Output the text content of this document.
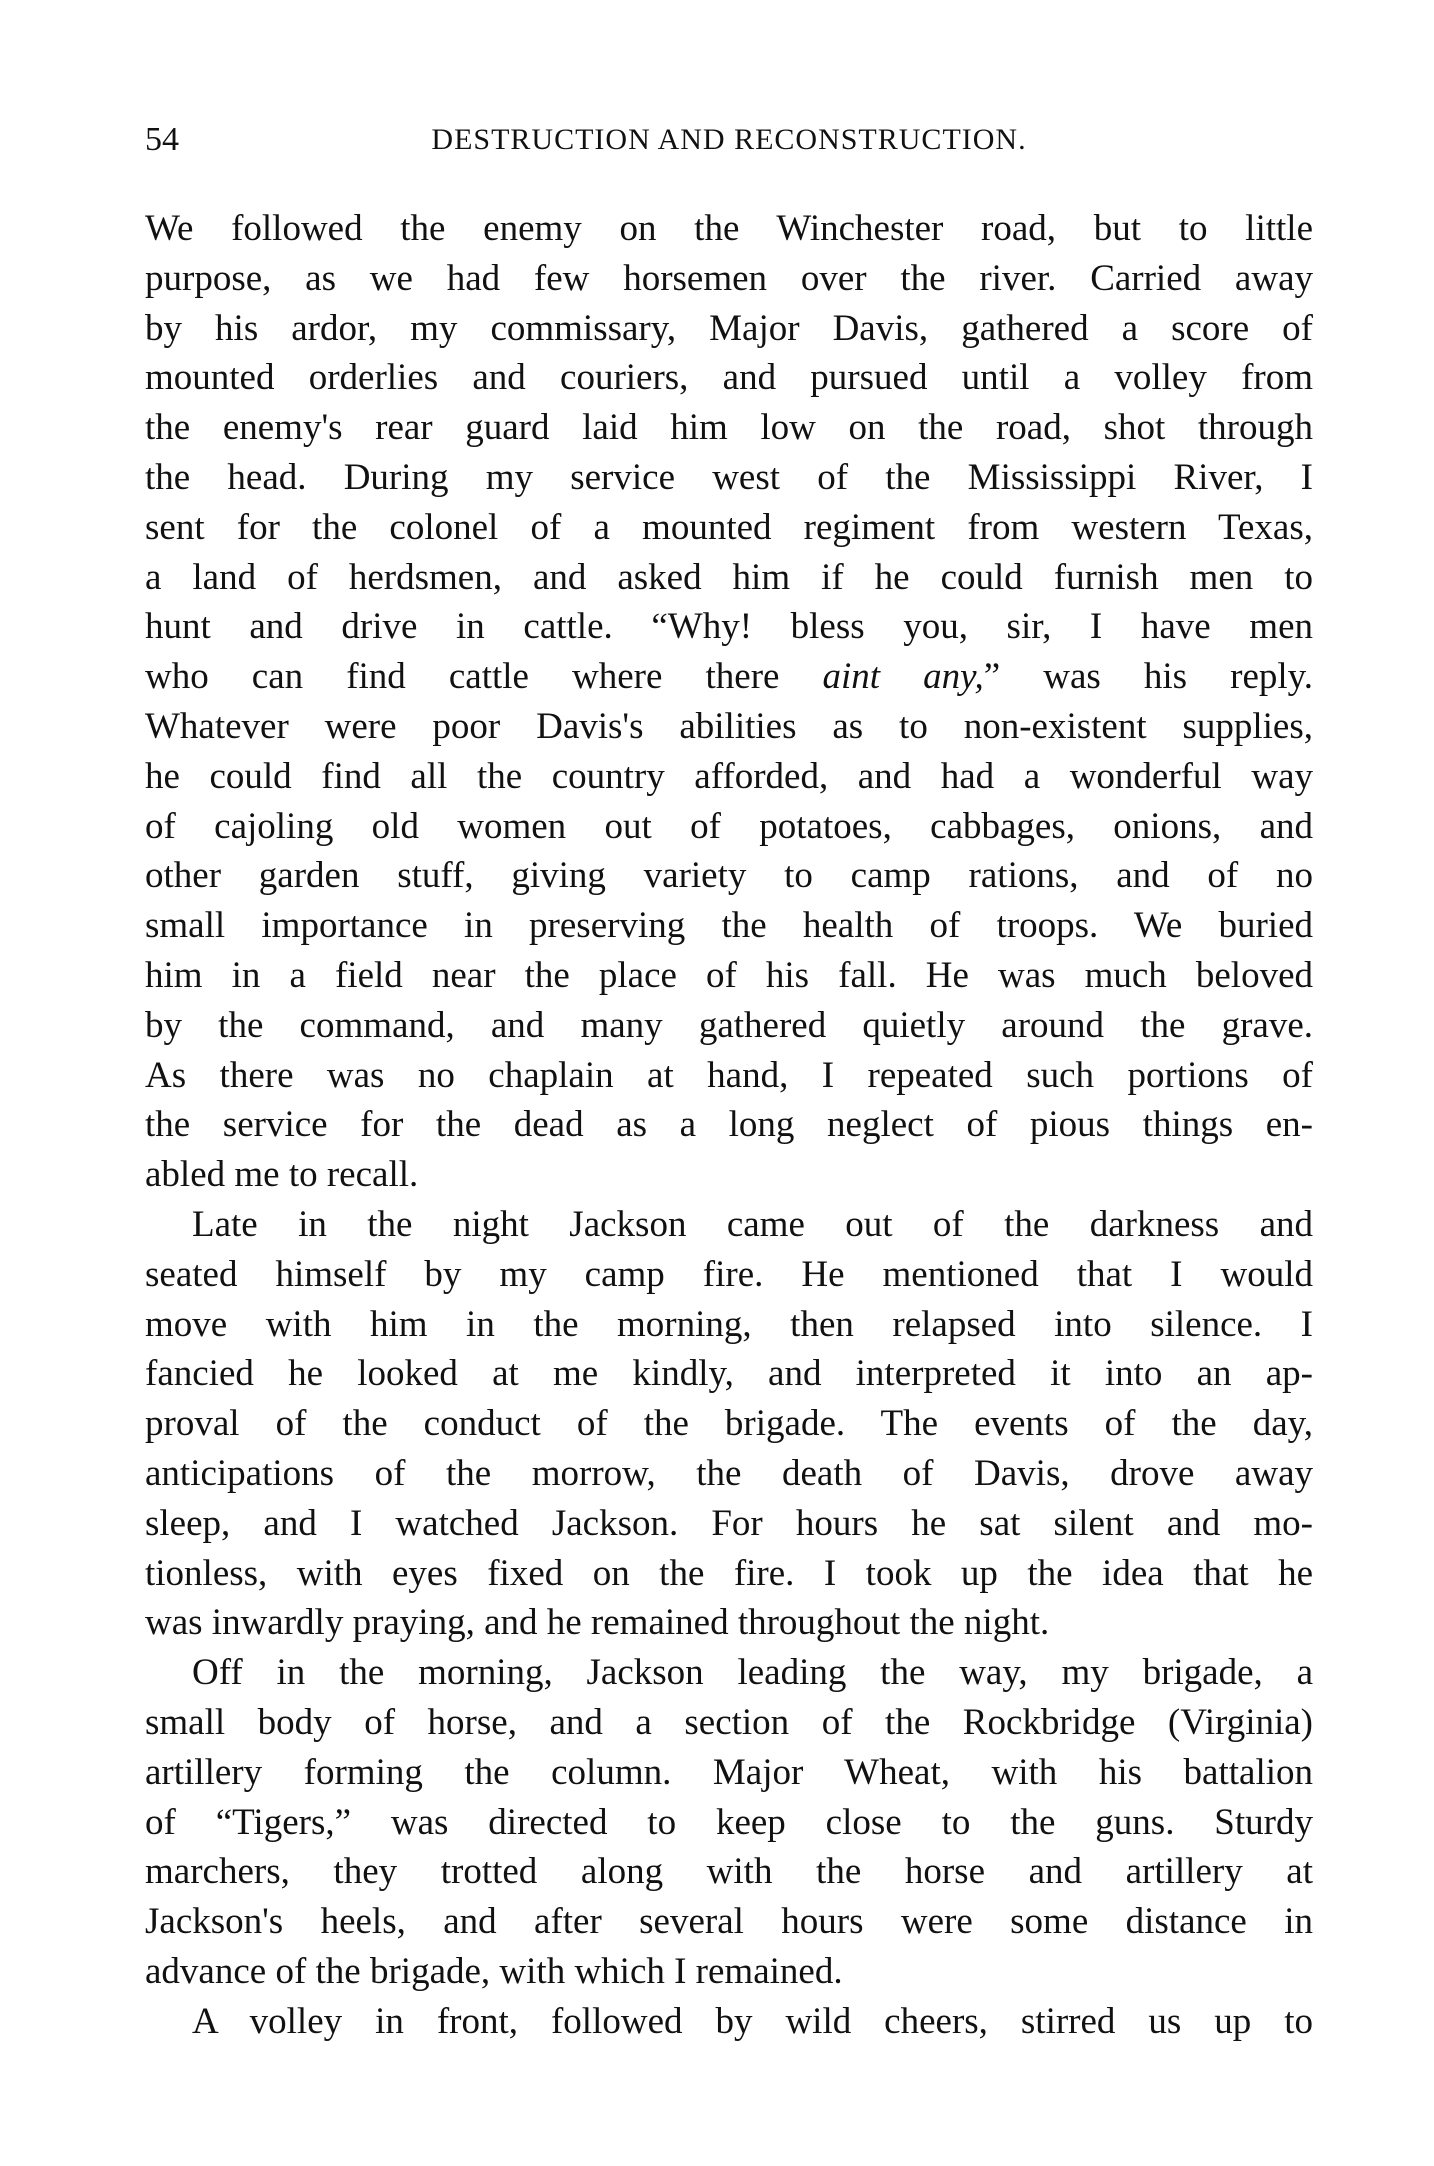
54	DESTRUCTION AND RECONSTRUCTION.
We followed the enemy on the Winchester road, but to little
purpose, as we had few horsemen over the river. Carried away
by his ardor, my commissary, Major Davis, gathered a score of
mounted orderlies and couriers, and pursued until a volley from
the enemy's rear guard laid him low on the road, shot through
the head. During my service west of the Mississippi River, I
sent for the colonel of a mounted regiment from western Texas,
a land of herdsmen, and asked him if he could furnish men to
hunt and drive in cattle. “Why! bless you, sir, I have men
who can find cattle where there aint any,” was his reply.
Whatever were poor Davis's abilities as to non-existent supplies,
he could find all the country afforded, and had a wonderful way
of cajoling old women out of potatoes, cabbages, onions, and
other garden stuff, giving variety to camp rations, and of no
small importance in preserving the health of troops. We buried
him in a field near the place of his fall. He was much beloved
by the command, and many gathered quietly around the grave.
As there was no chaplain at hand, I repeated such portions of
the service for the dead as a long neglect of pious things en-
abled me to recall.
Late in the night Jackson came out of the darkness and
seated himself by my camp fire. He mentioned that I would
move with him in the morning, then relapsed into silence. I
fancied he looked at me kindly, and interpreted it into an ap-
proval of the conduct of the brigade. The events of the day,
anticipations of the morrow, the death of Davis, drove away
sleep, and I watched Jackson. For hours he sat silent and mo-
tionless, with eyes fixed on the fire. I took up the idea that he
was inwardly praying, and he remained throughout the night.
Off in the morning, Jackson leading the way, my brigade, a
small body of horse, and a section of the Rockbridge (Virginia)
artillery forming the column. Major Wheat, with his battalion
of “Tigers,” was directed to keep close to the guns. Sturdy
marchers, they trotted along with the horse and artillery at
Jackson's heels, and after several hours were some distance in
advance of the brigade, with which I remained.
A volley in front, followed by wild cheers, stirred us up to
